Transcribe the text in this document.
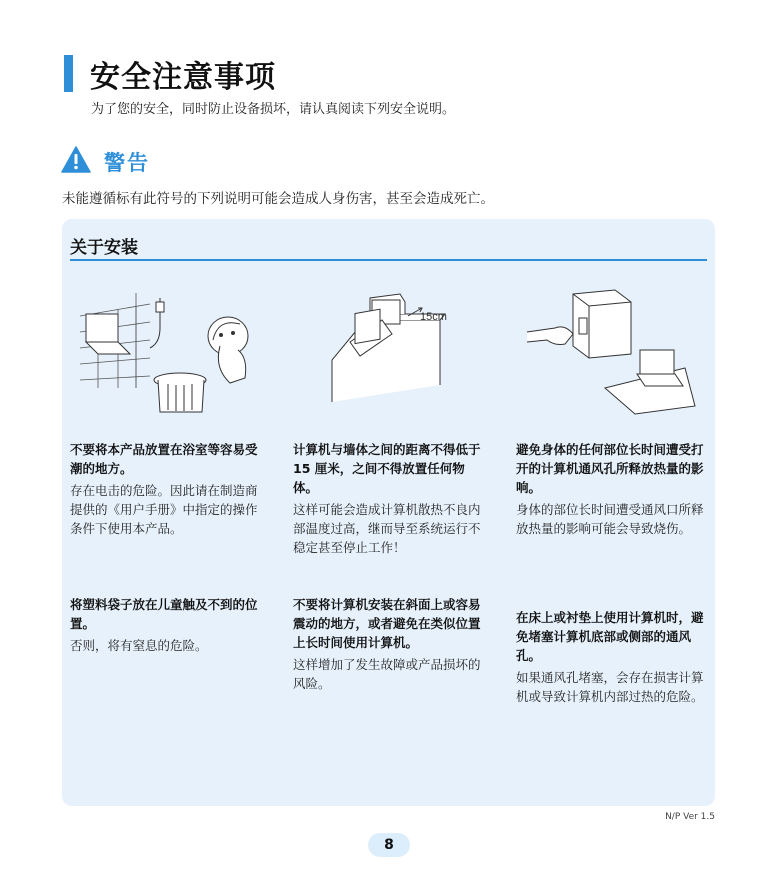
安全注意事项
为了您的安全，同时防止设备损坏，请认真阅读下列安全说明。
警告
未能遵循标有此符号的下列说明可能会造成人身伤害，甚至会造成死亡。
关于安装
15cm
不要将本产品放置在浴室等容易受潮的地方。
存在电击的危险。因此请在制造商提供的《用户手册》中指定的操作条件下使用本产品。
计算机与墙体之间的距离不得低于 15 厘米，之间不得放置任何物体。
这样可能会造成计算机散热不良内部温度过高，继而导至系统运行不稳定甚至停止工作！
避免身体的任何部位长时间遭受打开的计算机通风孔所释放热量的影响。
身体的部位长时间遭受通风口所释放热量的影响可能会导致烧伤。
将塑料袋子放在儿童触及不到的位置。
否则，将有窒息的危险。
不要将计算机安装在斜面上或容易震动的地方，或者避免在类似位置上长时间使用计算机。
这样增加了发生故障或产品损坏的风险。
在床上或衬垫上使用计算机时，避免堵塞计算机底部或侧部的通风孔。
如果通风孔堵塞，会存在损害计算机或导致计算机内部过热的危险。
N/P Ver 1.5
8
